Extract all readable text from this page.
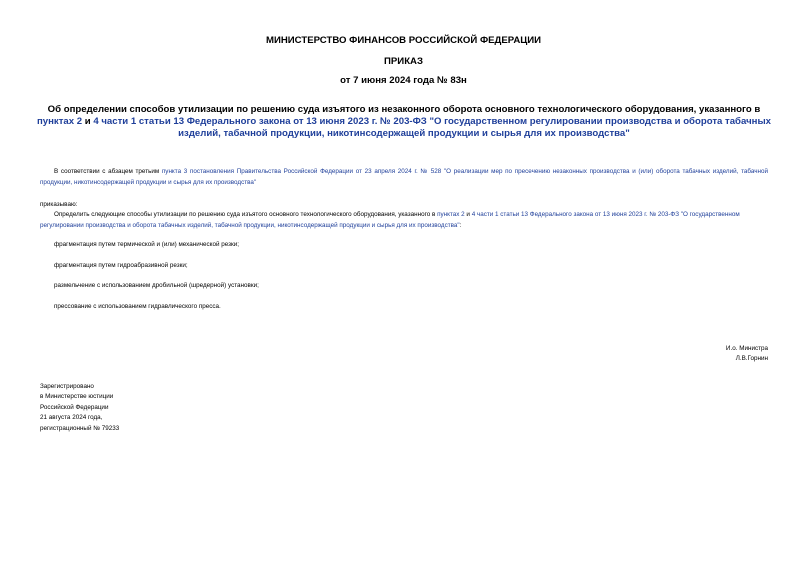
МИНИСТЕРСТВО ФИНАНСОВ РОССИЙСКОЙ ФЕДЕРАЦИИ
ПРИКАЗ
от 7 июня 2024 года № 83н
Об определении способов утилизации по решению суда изъятого из незаконного оборота основного технологического оборудования, указанного в пунктах 2 и 4 части 1 статьи 13 Федерального закона от 13 июня 2023 г. № 203-ФЗ "О государственном регулировании производства и оборота табачных изделий, табачной продукции, никотинсодержащей продукции и сырья для их производства"
В соответствии с абзацем третьим пункта 3 постановления Правительства Российской Федерации от 23 апреля 2024 г. № 528 "О реализации мер по пресечению незаконных производства и (или) оборота табачных изделий, табачной продукции, никотинсодержащей продукции и сырья для их производства"
приказываю:
Определить следующие способы утилизации по решению суда изъятого основного технологического оборудования, указанного в пунктах 2 и 4 части 1 статьи 13 Федерального закона от 13 июня 2023 г. № 203-ФЗ "О государственном регулировании производства и оборота табачных изделий, табачной продукции, никотинсодержащей продукции и сырья для их производства":
фрагментация путем термической и (или) механической резки;
фрагментация путем гидроабразивной резки;
размельчение с использованием дробильной (шредерной) установки;
прессование с использованием гидравлического пресса.
И.о. Министра
Л.В.Горнин
Зарегистрировано
в Министерстве юстиции
Российской Федерации
21 августа 2024 года,
регистрационный № 79233
